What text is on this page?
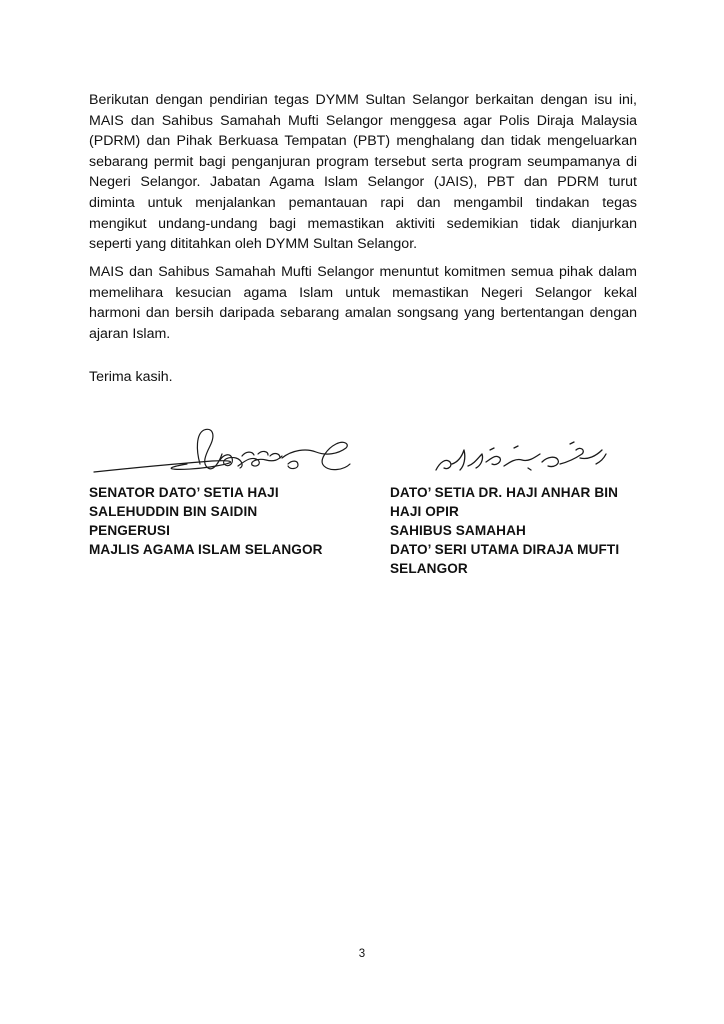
Berikutan dengan pendirian tegas DYMM Sultan Selangor berkaitan dengan isu ini,
MAIS dan Sahibus Samahah Mufti Selangor menggesa agar Polis Diraja Malaysia
(PDRM) dan Pihak Berkuasa Tempatan (PBT) menghalang dan tidak mengeluarkan
sebarang permit bagi penganjuran program tersebut serta program seumpamanya di
Negeri Selangor. Jabatan Agama Islam Selangor (JAIS), PBT dan PDRM turut
diminta untuk menjalankan pemantauan rapi dan mengambil tindakan tegas
mengikut undang-undang bagi memastikan aktiviti sedemikian tidak dianjurkan
seperti yang dititahkan oleh DYMM Sultan Selangor.
MAIS dan Sahibus Samahah Mufti Selangor menuntut komitmen semua pihak dalam
memelihara kesucian agama Islam untuk memastikan Negeri Selangor kekal
harmoni dan bersih daripada sebarang amalan songsang yang bertentangan dengan
ajaran Islam.
Terima kasih.
SENATOR DATO’ SETIA HAJI
SALEHUDDIN BIN SAIDIN
PENGERUSI
MAJLIS AGAMA ISLAM SELANGOR
DATO’ SETIA DR. HAJI ANHAR BIN
HAJI OPIR
SAHIBUS SAMAHAH
DATO’ SERI UTAMA DIRAJA MUFTI
SELANGOR
3
